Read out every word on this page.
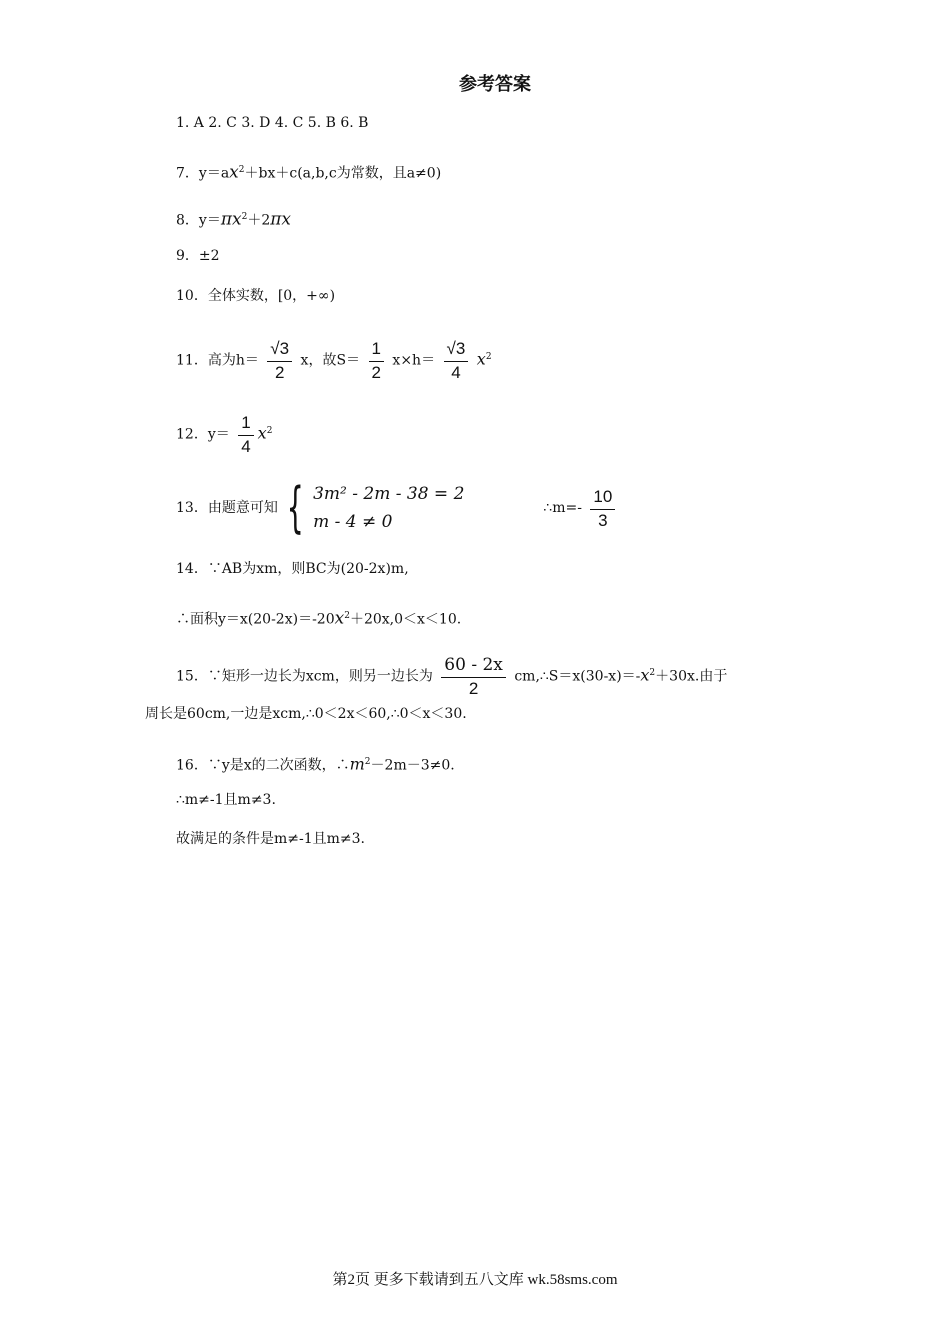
参考答案
1. A 2. C 3. D 4. C 5. B 6. B
7．$y=ax^2+bx+c(a,b,c$为常数，且a≠0)
8．$y=\pi x^2+2\pi x$
9．±2
10．全体实数，[0，+∞)
11．高为$h= \frac{√3}{2}$ x，故$S= \frac{1}{2} x\times h= \frac{√3}{4} x^2$
12．$y= \frac{1}{4} x^2$
13．由题意可知 { 3m² - 2m - 38 = 2
m - 4 ≠ 0
∴m=- $\frac{10}{3}$
14．∵AB为xm，则BC为(20-2x)m,
∴面积$y=x(20-2x)=-20x^2+20x,0<x<10$.
15．∵矩形一边长为xcm，则另一边长为 $\frac{60 - 2x}{2}$ $cm,\therefore S=x(30-x)=-x^2+30x$.由于
周长是60cm,一边是xcm,∴0＜2x＜60,∴0＜x＜30.
16．∵y是x的二次函数，$\therefore m^2-2m-3\ne 0$.
∴m≠-1且m≠3.
故满足的条件是m≠-1且m≠3.
第2页 更多下载请到五八文库 wk.58sms.com
